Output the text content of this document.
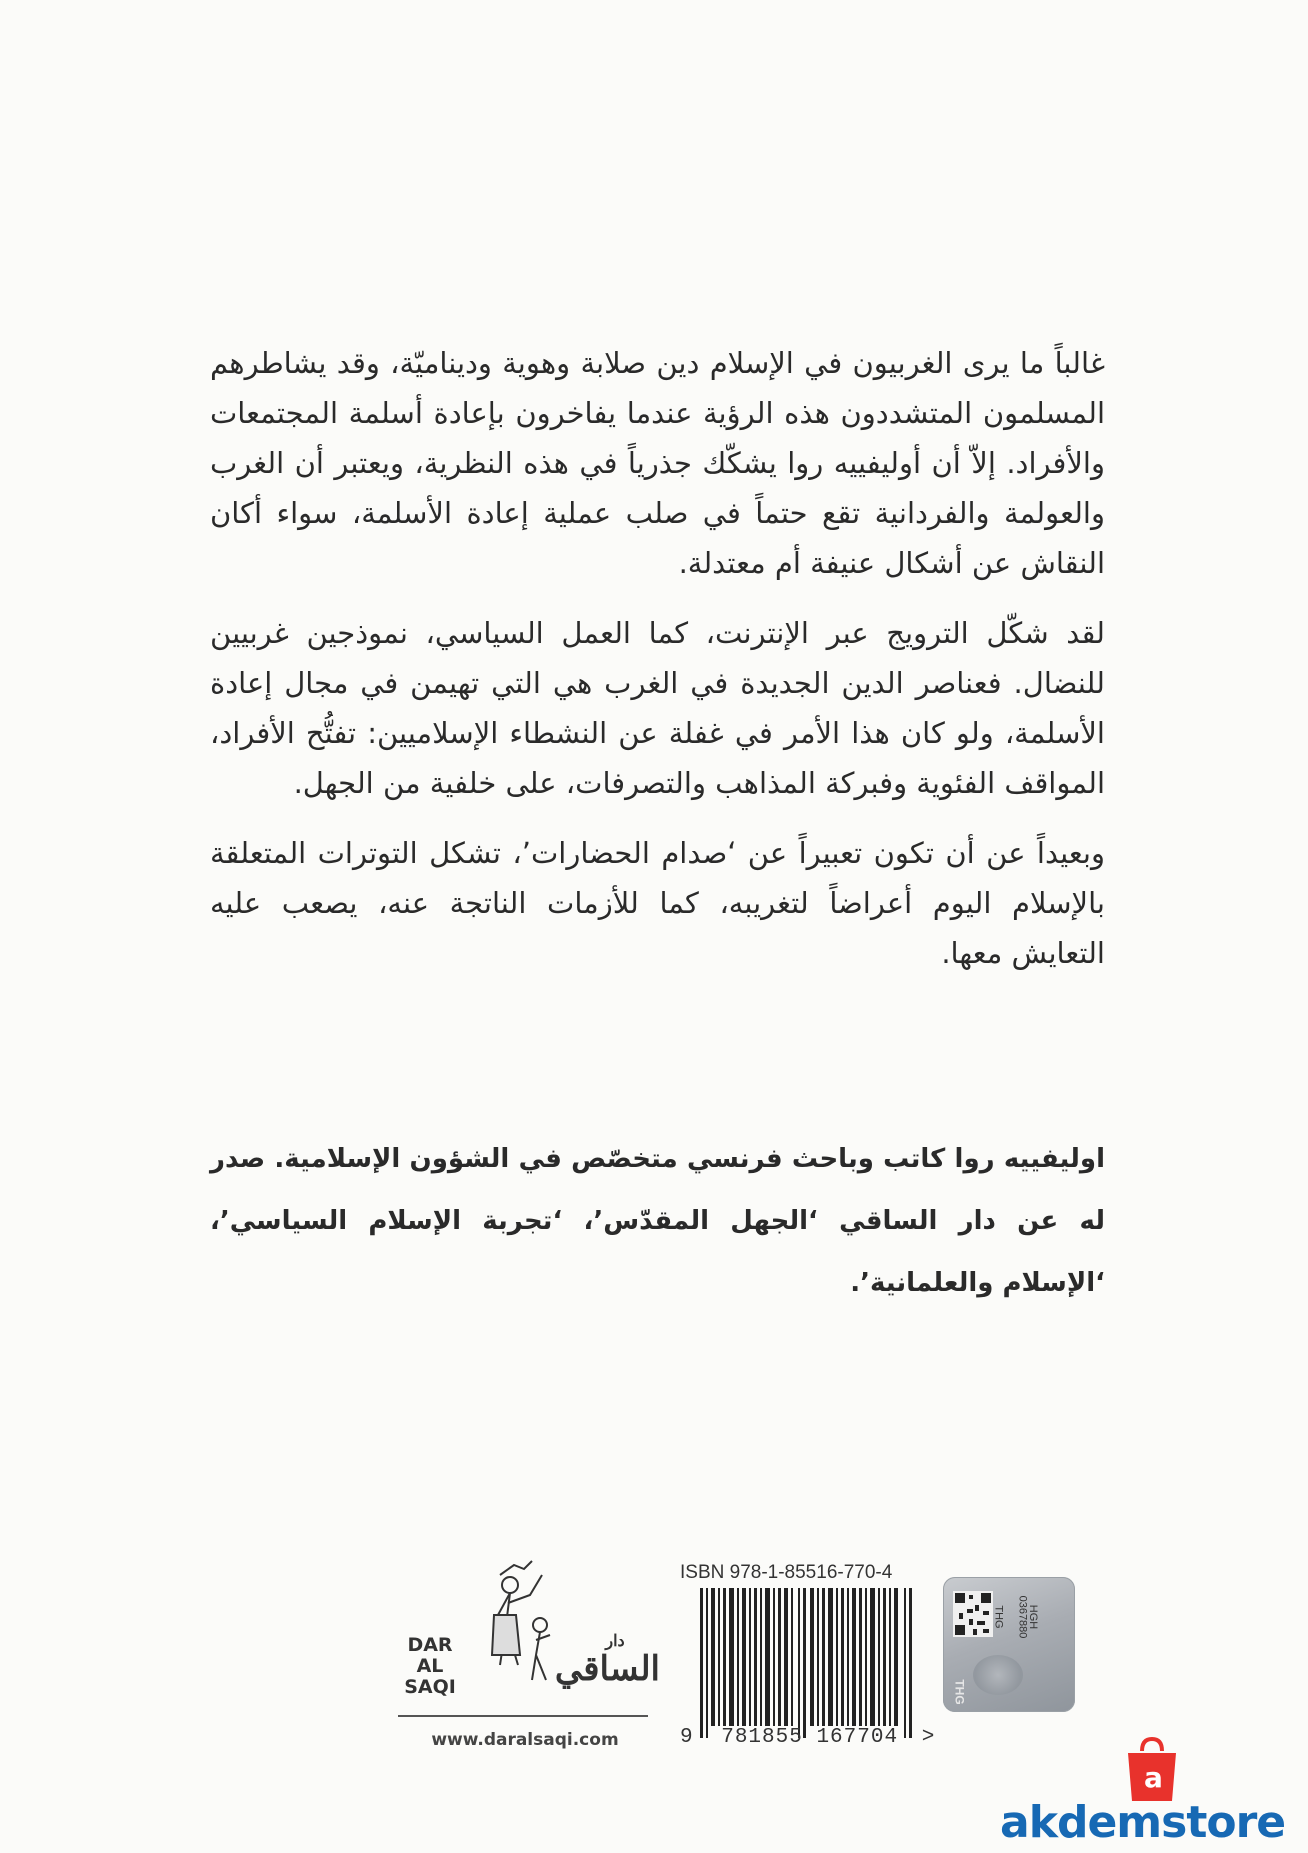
غالباً ما يرى الغربيون في الإسلام دين صلابة وهوية وديناميّة، وقد يشاطرهم المسلمون المتشددون هذه الرؤية عندما يفاخرون بإعادة أسلمة المجتمعات والأفراد. إلاّ أن أوليفييه روا يشكّك جذرياً في هذه النظرية، ويعتبر أن الغرب والعولمة والفردانية تقع حتماً في صلب عملية إعادة الأسلمة، سواء أكان النقاش عن أشكال عنيفة أم معتدلة.

لقد شكّل الترويج عبر الإنترنت، كما العمل السياسي، نموذجين غربيين للنضال. فعناصر الدين الجديدة في الغرب هي التي تهيمن في مجال إعادة الأسلمة، ولو كان هذا الأمر في غفلة عن النشطاء الإسلاميين: تفتُّح الأفراد، المواقف الفئوية وفبركة المذاهب والتصرفات، على خلفية من الجهل.

وبعيداً عن أن تكون تعبيراً عن ‘صدام الحضارات’، تشكل التوترات المتعلقة بالإسلام اليوم أعراضاً لتغريبه، كما للأزمات الناتجة عنه، يصعب عليه التعايش معها.

اوليفييه روا كاتب وباحث فرنسي متخصّص في الشؤون الإسلامية. صدر له عن دار الساقي ‘الجهل المقدّس’، ‘تجربة الإسلام السياسي’، ‘الإسلام والعلمانية’.

DAR
AL SAQI
دار
الساقي
www.daralsaqi.com
ISBN 978-1-85516-770-4
9 781855 167704 >
THG 0367880
HGH
THG
a
akdemstore
